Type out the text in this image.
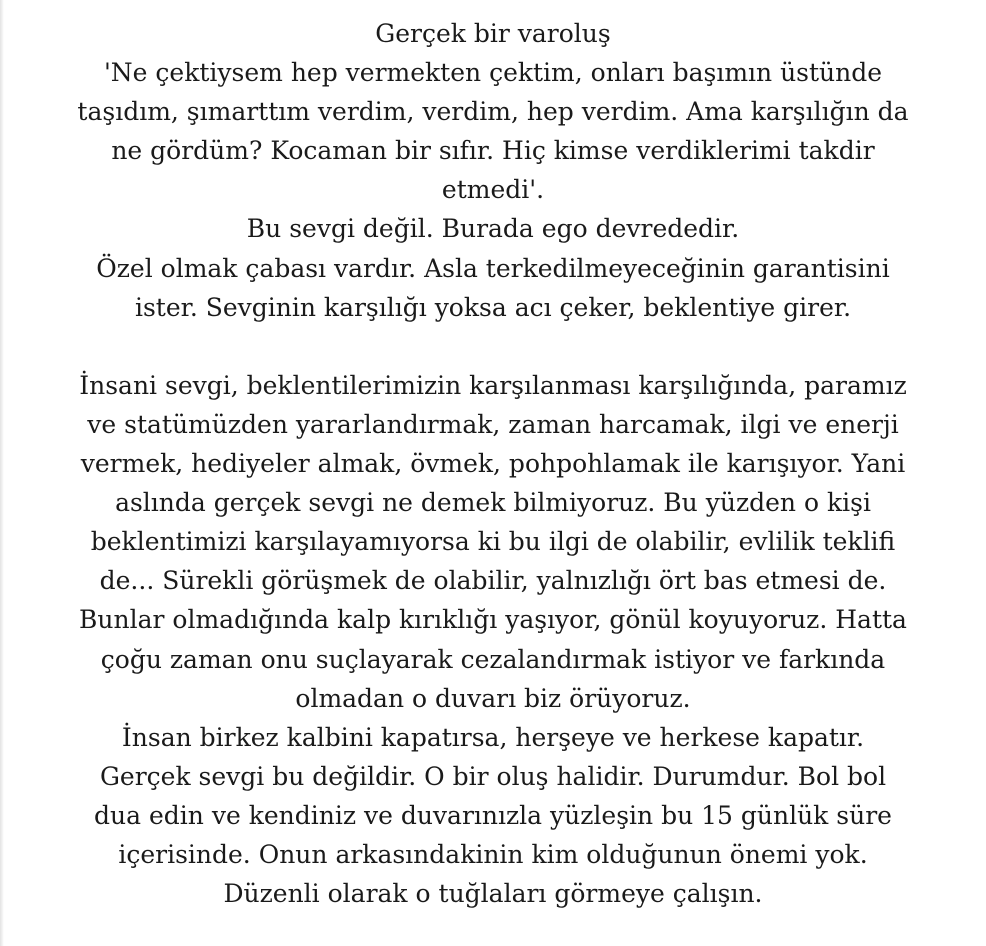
Gerçek bir varoluş
'Ne çektiysem hep vermekten çektim, onları başımın üstünde
taşıdım, şımarttım verdim, verdim, hep verdim. Ama karşılığın da
ne gördüm? Kocaman bir sıfır. Hiç kimse verdiklerimi takdir
etmedi'.
Bu sevgi değil. Burada ego devrededir.
Özel olmak çabası vardır. Asla terkedilmeyeceğinin garantisini
ister. Sevginin karşılığı yoksa acı çeker, beklentiye girer.
İnsani sevgi, beklentilerimizin karşılanması karşılığında, paramız
ve statümüzden yararlandırmak, zaman harcamak, ilgi ve enerji
vermek, hediyeler almak, övmek, pohpohlamak ile karışıyor. Yani
aslında gerçek sevgi ne demek bilmiyoruz. Bu yüzden o kişi
beklentimizi karşılayamıyorsa ki bu ilgi de olabilir, evlilik teklifi
de... Sürekli görüşmek de olabilir, yalnızlığı ört bas etmesi de.
Bunlar olmadığında kalp kırıklığı yaşıyor, gönül koyuyoruz. Hatta
çoğu zaman onu suçlayarak cezalandırmak istiyor ve farkında
olmadan o duvarı biz örüyoruz.
İnsan birkez kalbini kapatırsa, herşeye ve herkese kapatır.
Gerçek sevgi bu değildir. O bir oluş halidir. Durumdur. Bol bol
dua edin ve kendiniz ve duvarınızla yüzleşin bu 15 günlük süre
içerisinde. Onun arkasındakinin kim olduğunun önemi yok.
Düzenli olarak o tuğlaları görmeye çalışın.
